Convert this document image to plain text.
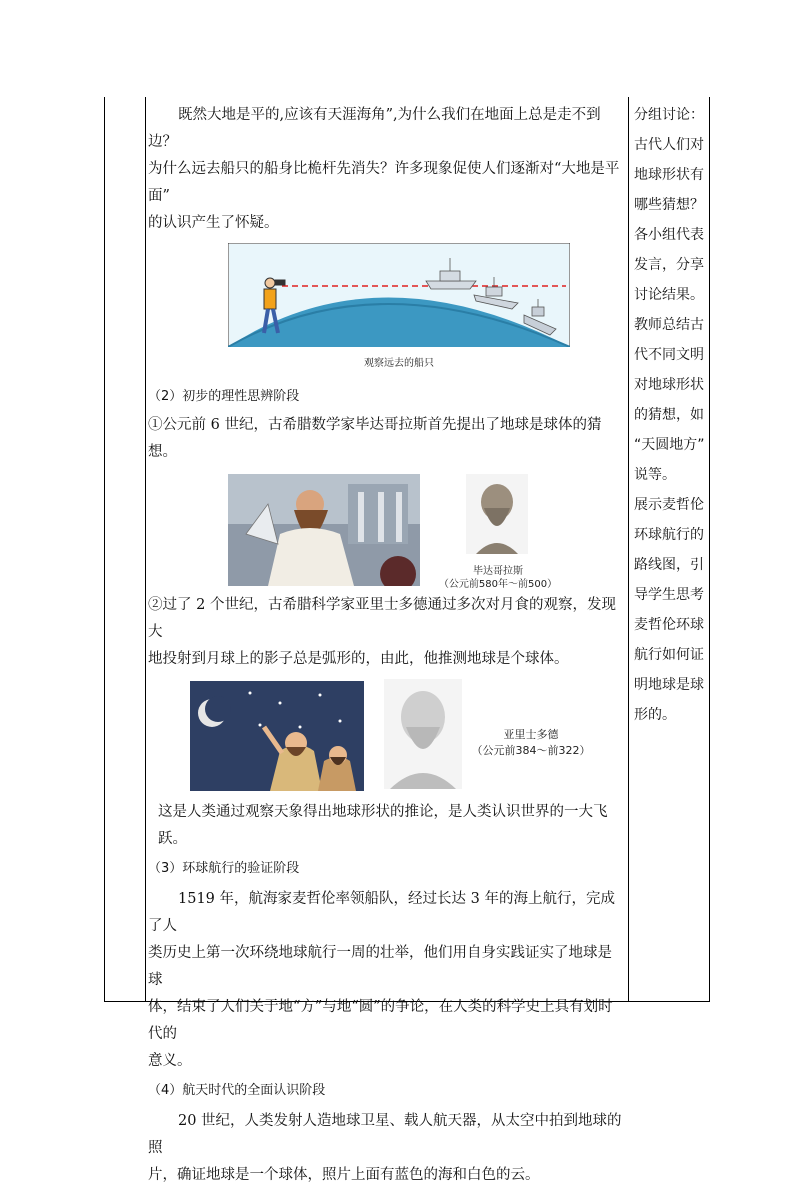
既然大地是平的,应该有天涯海角”,为什么我们在地面上总是走不到边？

为什么远去船只的船身比桅杆先消失？许多现象促使人们逐渐对“大地是平面”

的认识产生了怀疑。

观察远去的船只

（2）初步的理性思辨阶段

①公元前 6 世纪，古希腊数学家毕达哥拉斯首先提出了地球是球体的猜想。

毕达哥拉斯
（公元前580年～前500）

②过了 2 个世纪，古希腊科学家亚里士多德通过多次对月食的观察，发现大

地投射到月球上的影子总是弧形的，由此，他推测地球是个球体。

亚里士多德
（公元前384～前322）

这是人类通过观察天象得出地球形状的推论，是人类认识世界的一大飞跃。

（3）环球航行的验证阶段

1519 年，航海家麦哲伦率领船队，经过长达 3 年的海上航行，完成了人

类历史上第一次环绕地球航行一周的壮举，他们用自身实践证实了地球是球

体，结束了人们关于地“方”与地“圆”的争论，在人类的科学史上具有划时代的

意义。

（4）航天时代的全面认识阶段

20 世纪，人类发射人造地球卫星、载人航天器，从太空中拍到地球的照

片，确证地球是一个球体，照片上面有蓝色的海和白色的云。

分组讨论：
古代人们对
地球形状有
哪些猜想？
各小组代表
发言，分享
讨论结果。
教师总结古
代不同文明
对地球形状
的猜想，如
“天圆地方”
说等。
展示麦哲伦
环球航行的
路线图，引
导学生思考
麦哲伦环球
航行如何证
明地球是球
形的。
